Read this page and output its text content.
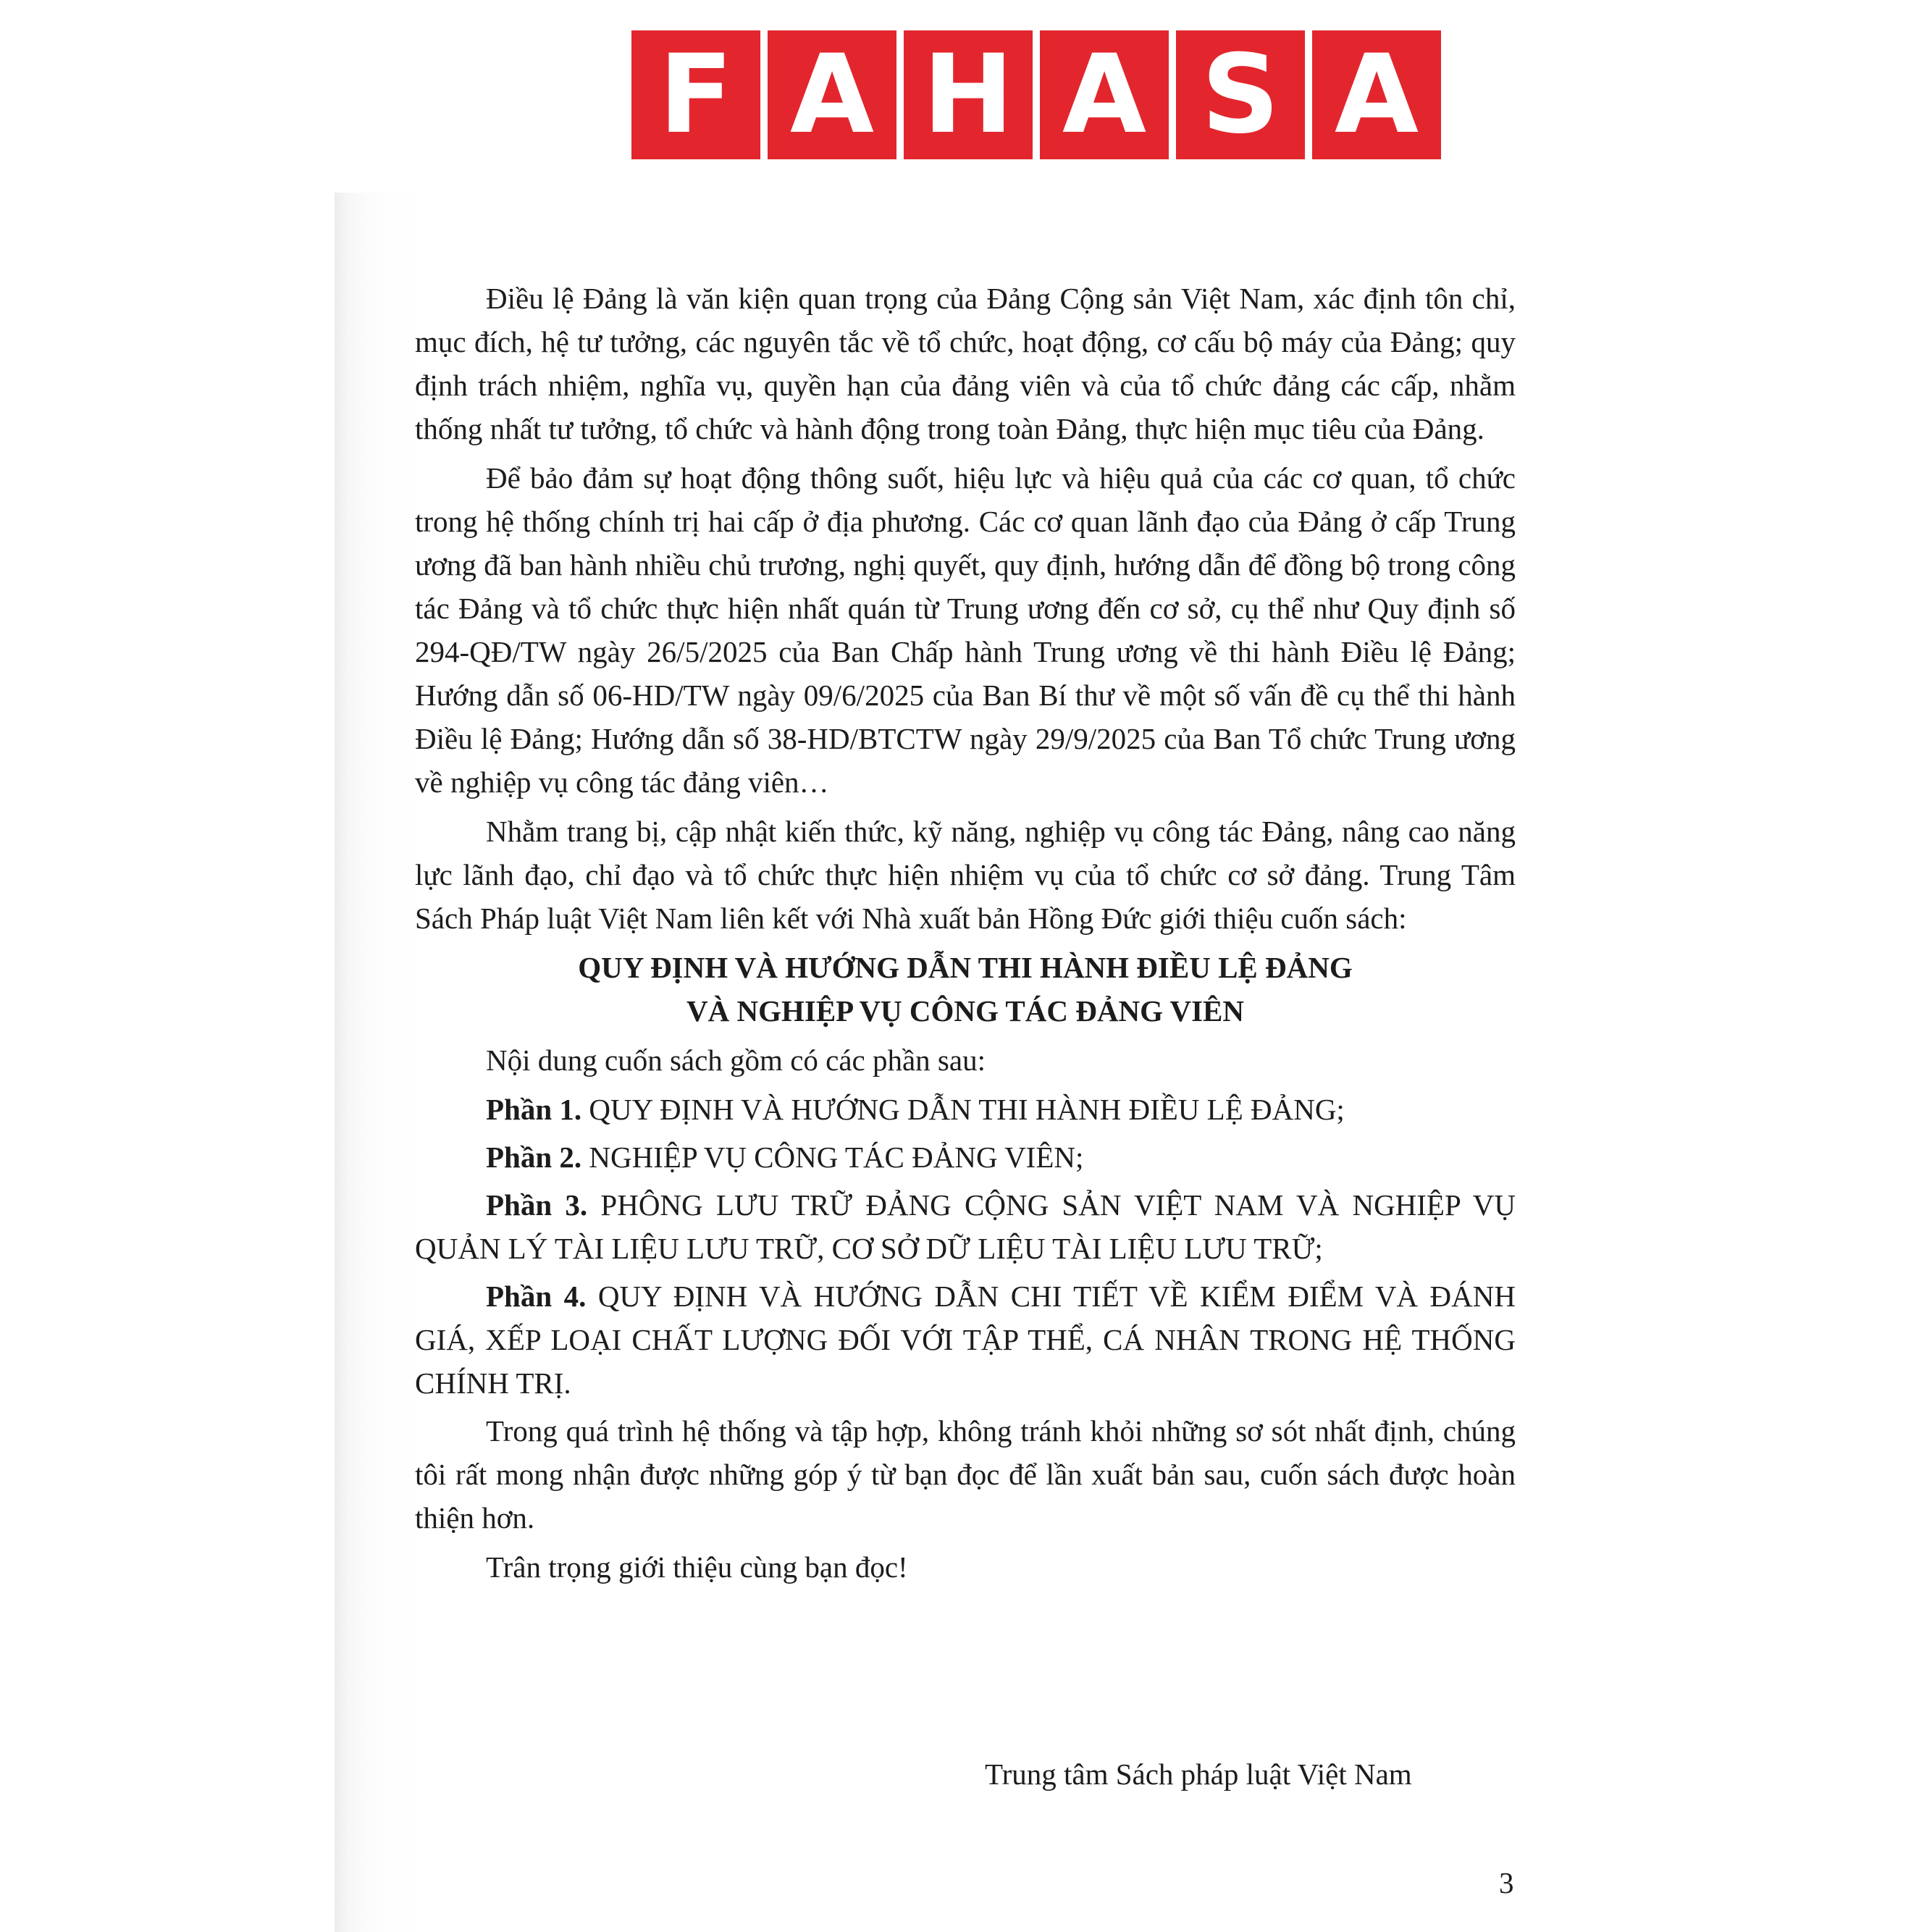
F A H A S A

Điều lệ Đảng là văn kiện quan trọng của Đảng Cộng sản Việt Nam, xác định tôn chỉ, mục đích, hệ tư tưởng, các nguyên tắc về tổ chức, hoạt động, cơ cấu bộ máy của Đảng; quy định trách nhiệm, nghĩa vụ, quyền hạn của đảng viên và của tổ chức đảng các cấp, nhằm thống nhất tư tưởng, tổ chức và hành động trong toàn Đảng, thực hiện mục tiêu của Đảng.

Để bảo đảm sự hoạt động thông suốt, hiệu lực và hiệu quả của các cơ quan, tổ chức trong hệ thống chính trị hai cấp ở địa phương. Các cơ quan lãnh đạo của Đảng ở cấp Trung ương đã ban hành nhiều chủ trương, nghị quyết, quy định, hướng dẫn để đồng bộ trong công tác Đảng và tổ chức thực hiện nhất quán từ Trung ương đến cơ sở, cụ thể như Quy định số 294-QĐ/TW ngày 26/5/2025 của Ban Chấp hành Trung ương về thi hành Điều lệ Đảng; Hướng dẫn số 06-HD/TW ngày 09/6/2025 của Ban Bí thư về một số vấn đề cụ thể thi hành Điều lệ Đảng; Hướng dẫn số 38-HD/BTCTW ngày 29/9/2025 của Ban Tổ chức Trung ương về nghiệp vụ công tác đảng viên…

Nhằm trang bị, cập nhật kiến thức, kỹ năng, nghiệp vụ công tác Đảng, nâng cao năng lực lãnh đạo, chỉ đạo và tổ chức thực hiện nhiệm vụ của tổ chức cơ sở đảng. Trung Tâm Sách Pháp luật Việt Nam liên kết với Nhà xuất bản Hồng Đức giới thiệu cuốn sách:

QUY ĐỊNH VÀ HƯỚNG DẪN THI HÀNH ĐIỀU LỆ ĐẢNG
VÀ NGHIỆP VỤ CÔNG TÁC ĐẢNG VIÊN

Nội dung cuốn sách gồm có các phần sau:

Phần 1. QUY ĐỊNH VÀ HƯỚNG DẪN THI HÀNH ĐIỀU LỆ ĐẢNG;

Phần 2. NGHIỆP VỤ CÔNG TÁC ĐẢNG VIÊN;

Phần 3. PHÔNG LƯU TRỮ ĐẢNG CỘNG SẢN VIỆT NAM VÀ NGHIỆP VỤ QUẢN LÝ TÀI LIỆU LƯU TRỮ, CƠ SỞ DỮ LIỆU TÀI LIỆU LƯU TRỮ;

Phần 4. QUY ĐỊNH VÀ HƯỚNG DẪN CHI TIẾT VỀ KIỂM ĐIỂM VÀ ĐÁNH GIÁ, XẾP LOẠI CHẤT LƯỢNG ĐỐI VỚI TẬP THỂ, CÁ NHÂN TRONG HỆ THỐNG CHÍNH TRỊ.

Trong quá trình hệ thống và tập hợp, không tránh khỏi những sơ sót nhất định, chúng tôi rất mong nhận được những góp ý từ bạn đọc để lần xuất bản sau, cuốn sách được hoàn thiện hơn.

Trân trọng giới thiệu cùng bạn đọc!

Trung tâm Sách pháp luật Việt Nam
3
